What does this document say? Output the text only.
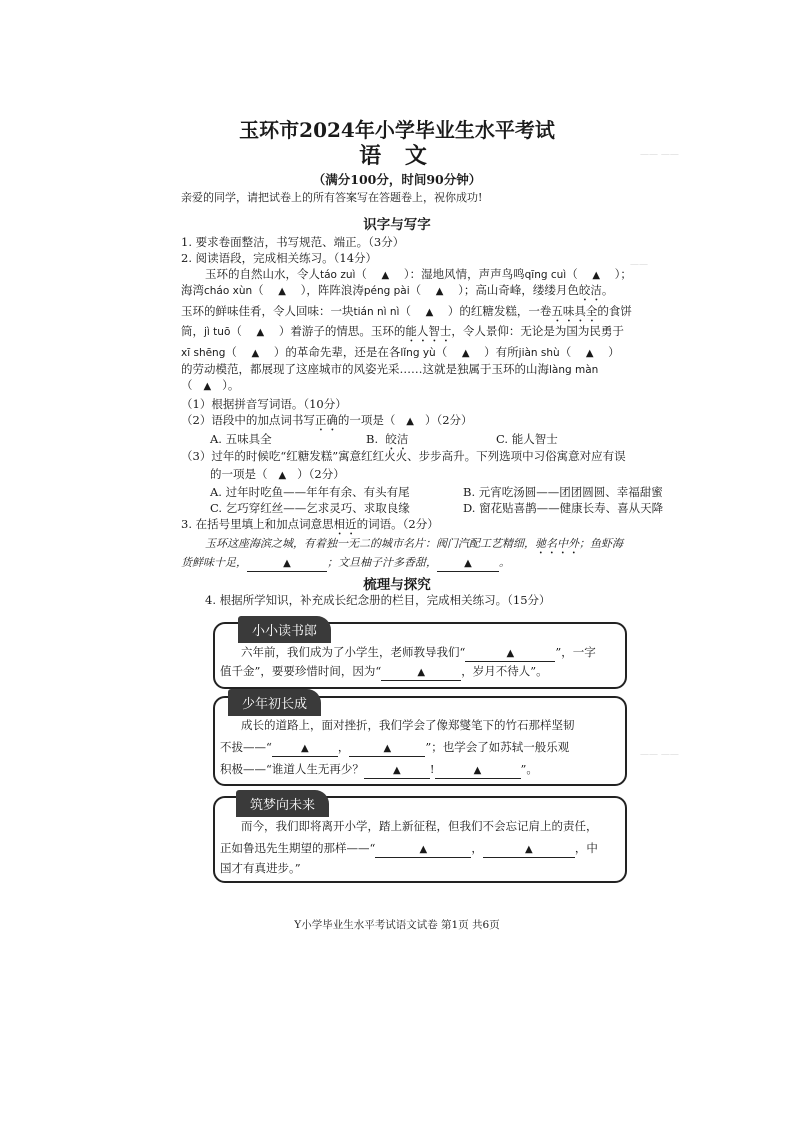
—— ——
——
—— ——
玉环市2024年小学毕业生水平考试
语 文
（满分100分，时间90分钟）
亲爱的同学，请把试卷上的所有答案写在答题卷上，祝你成功!
识字与写字
1. 要求卷面整洁，书写规范、端正。（3分）
2. 阅读语段，完成相关练习。（14分）
玉环的自然山水，令人táo zuì（    ▲    ）：湿地风情，声声鸟鸣qīng cuì（    ▲    ）；
海湾cháo xùn（    ▲    ），阵阵浪涛péng pài（    ▲    ）；高山奇峰，缕缕月色皎洁。
玉环的鲜味佳肴，令人回味：一块tián nì nì（    ▲    ）的红糖发糕，一卷五味具全的食饼
筒，jì tuō（    ▲    ）着游子的情思。玉环的能人智士，令人景仰：无论是为国为民勇于
xī shēng（    ▲    ）的革命先辈，还是在各lǐng yù（    ▲    ）有所jiàn shù（    ▲    ）
的劳动模范，都展现了这座城市的风姿光采……这就是独属于玉环的山海làng màn
（   ▲   ）。
（1）根据拼音写词语。（10分）
（2）语段中的加点词书写正确的一项是（ ▲ ）（2分）
A. 五味具全	B.  皎洁	C. 能人智士
（3）过年的时候吃“红糖发糕”寓意红红火火、步步高升。下列选项中习俗寓意对应有误
的一项是（ ▲ ）（2分）
A. 过年时吃鱼——年年有余、有头有尾	B. 元宵吃汤圆——团团圆圆、幸福甜蜜
C. 乞巧穿红丝——乞求灵巧、求取良缘	D. 窗花贴喜鹊——健康长寿、喜从天降
3. 在括号里填上和加点词意思相近的词语。（2分）
玉环这座海滨之城，有着独一无二的城市名片：阀门汽配工艺精细，驰名中外；鱼虾海
货鲜味十足，	▲	；文旦柚子汁多香甜，	▲ 。
梳理与探究
4. 根据所学知识，补充成长纪念册的栏目，完成相关练习。（15分）
小小读书郎
六年前，我们成为了小学生，老师教导我们“	▲	”，一字
值千金”，要要珍惜时间，因为“	▲	，岁月不待人”。
少年初长成
成长的道路上，面对挫折，我们学会了像郑燮笔下的竹石那样坚韧
不拔——“	▲	，	▲	”；也学会了如苏轼一般乐观
积极——“谁道人生无再少？	▲	!	▲	”。
筑梦向未来
而今，我们即将离开小学，踏上新征程，但我们不会忘记肩上的责任，
正如鲁迅先生期望的那样——“	▲	，	▲	，中
国才有真进步。”
Y小学毕业生水平考试语文试卷 第1页 共6页
